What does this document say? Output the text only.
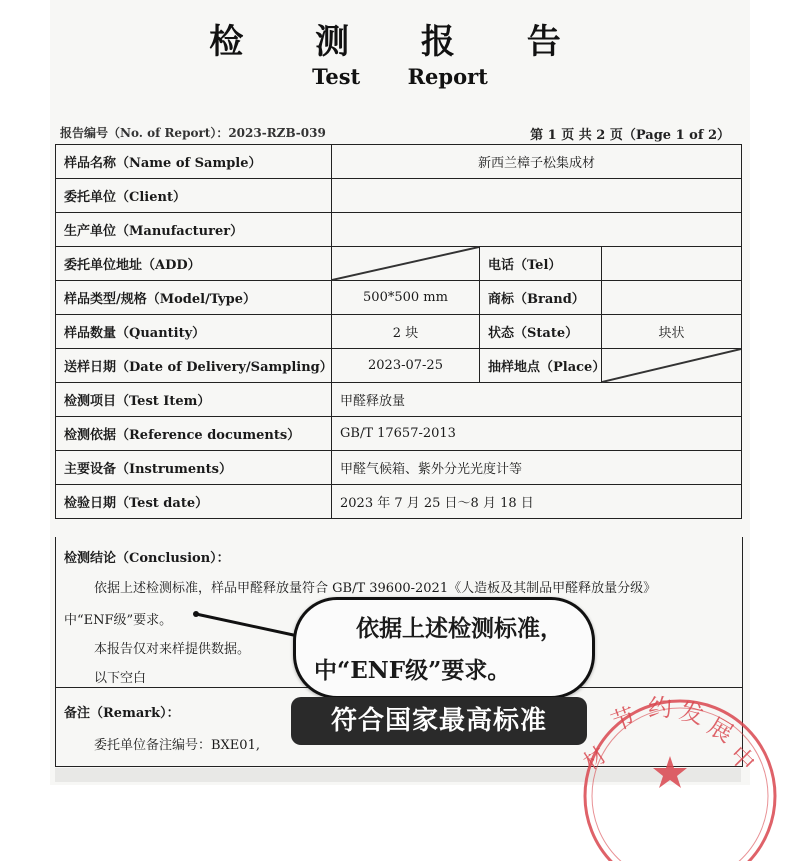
检 测 报 告
Test Report
报告编号（No. of Report）：2023-RZB-039	第 1 页 共 2 页（Page 1 of 2）
样品名称（Name of Sample）	新西兰樟子松集成材		
委托单位（Client）			
生产单位（Manufacturer）			
委托单位地址（ADD）		电话（Tel）	
样品类型/规格（Model/Type）	500*500 mm	商标（Brand）	
样品数量（Quantity）	2 块	状态（State）	块状
送样日期（Date of Delivery/Sampling）	2023-07-25	抽样地点（Place）	

检测项目（Test Item）	甲醛释放量		
检测依据（Reference documents）	GB/T 17657-2013		
主要设备（Instruments）	甲醛气候箱、紫外分光光度计等		
检验日期（Test date）	2023 年 7 月 25 日～8 月 18 日		
检测结论（Conclusion）：
依据上述检测标准，样品甲醛释放量符合 GB/T 39600-2021《人造板及其制品甲醛释放量分级》
中“ENF级”要求。
本报告仅对来样提供数据。
以下空白
备注（Remark）：
委托单位备注编号：BXE01,	材
节 约 发
展
中
依据上述检测标准，
中“ENF级”要求。
符合国家最高标准
